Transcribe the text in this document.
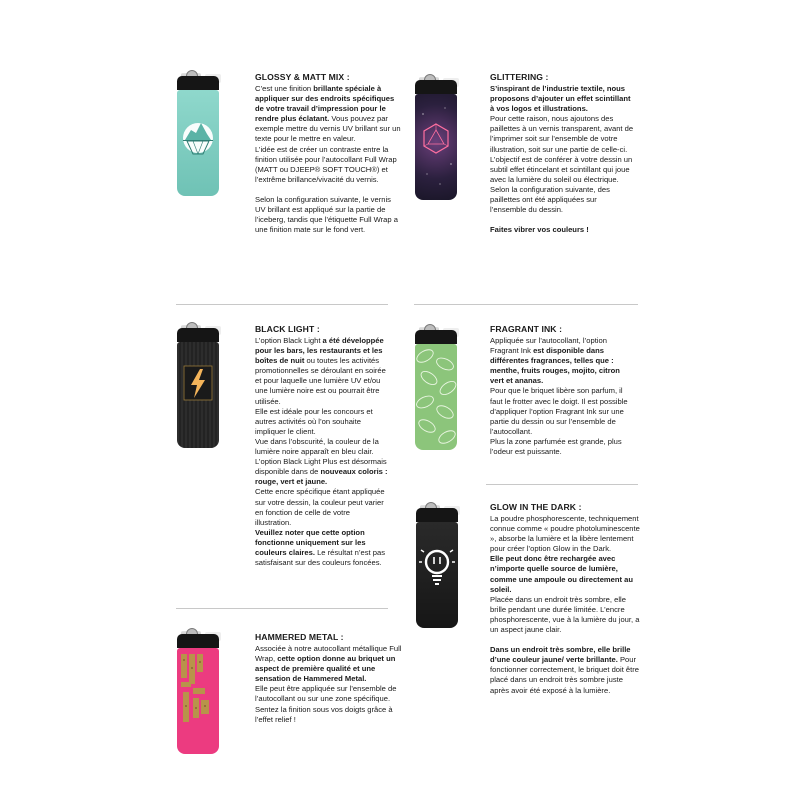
GLOSSY & MATT MIX :

C’est une finition brillante spéciale à appliquer sur des endroits spécifiques de votre travail d’impression pour le rendre plus éclatant. Vous pouvez par exemple mettre du vernis UV brillant sur un texte pour le mettre en valeur.

L’idée est de créer un contraste entre la finition utilisée pour l’autocollant Full Wrap (MATT ou DJEEP® SOFT TOUCH®) et l’extrême brillance/vivacité du vernis.

Selon la configuration suivante, le vernis UV brillant est appliqué sur la partie de l’iceberg, tandis que l’étiquette Full Wrap a une finition mate sur le fond vert.

GLITTERING :

S’inspirant de l’industrie textile, nous proposons d’ajouter un effet scintillant à vos logos et illustrations.

Pour cette raison, nous ajoutons des paillettes à un vernis transparent, avant de l’imprimer soit sur l’ensemble de votre illustration, soit sur une partie de celle-ci. L’objectif est de conférer à votre dessin un subtil effet étincelant et scintillant qui joue avec la lumière du soleil ou électrique.

Selon la configuration suivante, des paillettes ont été appliquées sur l’ensemble du dessin.

Faites vibrer vos couleurs !

BLACK LIGHT :

L’option Black Light a été développée pour les bars, les restaurants et les boîtes de nuit ou toutes les activités promotionnelles se déroulant en soirée et pour laquelle une lumière UV et/ou une lumière noire est ou pourrait être utilisée.

Elle est idéale pour les concours et autres activités où l’on souhaite impliquer le client.

Vue dans l’obscurité, la couleur de la lumière noire apparaît en bleu clair. L’option Black Light Plus est désormais disponible dans de nouveaux coloris : rouge, vert et jaune.

Cette encre spécifique étant appliquée sur votre dessin, la couleur peut varier en fonction de celle de votre illustration.

Veuillez noter que cette option fonctionne uniquement sur les couleurs claires. Le résultat n’est pas satisfaisant sur des couleurs foncées.

FRAGRANT INK :

Appliquée sur l’autocollant, l’option Fragrant Ink est disponible dans différentes fragrances, telles que : menthe, fruits rouges, mojito, citron vert et ananas.

Pour que le briquet libère son parfum, il faut le frotter avec le doigt. Il est possible d’appliquer l’option Fragrant Ink sur une partie du dessin ou sur l’ensemble de l’autocollant.

Plus la zone parfumée est grande, plus l’odeur est puissante.

GLOW IN THE DARK :

La poudre phosphorescente, techniquement connue comme « poudre photoluminescente », absorbe la lumière et la libère lentement pour créer l’option Glow in the Dark.

Elle peut donc être rechargée avec n’importe quelle source de lumière, comme une ampoule ou directement au soleil.

Placée dans un endroit très sombre, elle brille pendant une durée limitée. L’encre phosphorescente, vue à la lumière du jour, a un aspect jaune clair.

Dans un endroit très sombre, elle brille d’une couleur jaune/ verte brillante. Pour fonctionner correctement, le briquet doit être placé dans un endroit très sombre juste après avoir été exposé à la lumière.

HAMMERED METAL :

Associée à notre autocollant métallique Full Wrap, cette option donne au briquet un aspect de première qualité et une sensation de Hammered Metal.

Elle peut être appliquée sur l’ensemble de l’autocollant ou sur une zone spécifique. Sentez la finition sous vos doigts grâce à l’effet relief !
